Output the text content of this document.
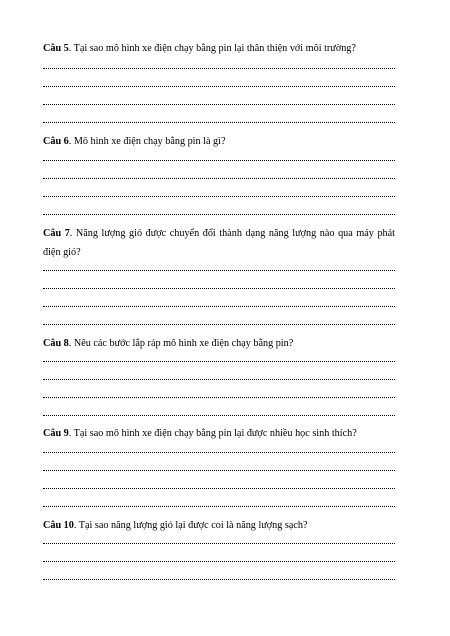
Câu 5. Tại sao mô hình xe điện chạy bằng pin lại thân thiện với môi trường?
Câu 6. Mô hình xe điện chạy bằng pin là gì?
Câu 7. Năng lượng gió được chuyển đổi thành dạng năng lượng nào qua máy phát điện gió?
Câu 8. Nêu các bước lắp ráp mô hình xe điện chạy bằng pin?
Câu 9. Tại sao mô hình xe điện chạy bằng pin lại được nhiều học sinh thích?
Câu 10. Tại sao năng lượng gió lại được coi là năng lượng sạch?
